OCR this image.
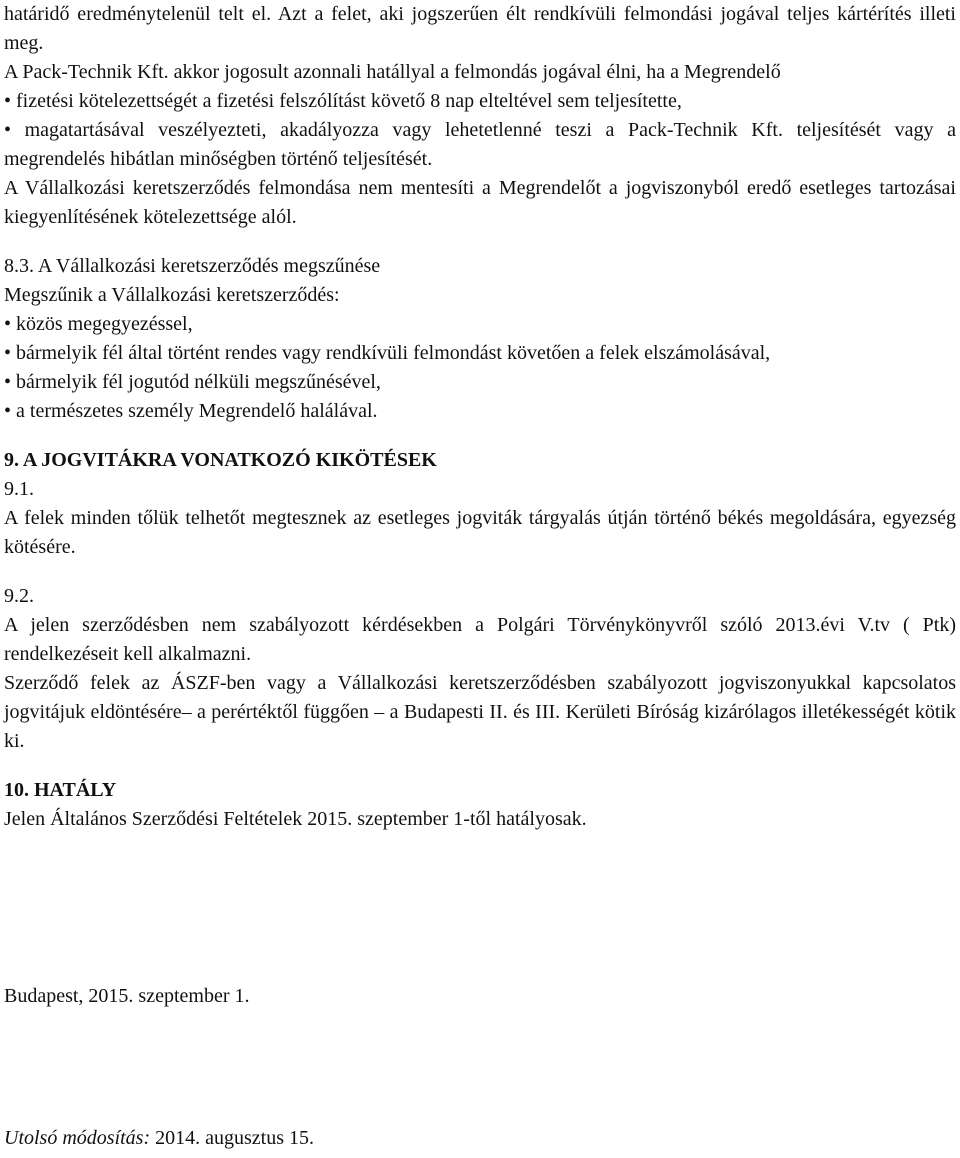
határidő eredménytelenül telt el. Azt a felet, aki jogszerűen élt rendkívüli felmondási jogával teljes kártérítés illeti meg.

A Pack-Technik Kft. akkor jogosult azonnali hatállyal a felmondás jogával élni, ha a Megrendelő

• fizetési kötelezettségét a fizetési felszólítást követő 8 nap elteltével sem teljesítette,

• magatartásával veszélyezteti, akadályozza vagy lehetetlenné teszi a Pack-Technik Kft. teljesítését vagy a megrendelés hibátlan minőségben történő teljesítését.

A Vállalkozási keretszerződés felmondása nem mentesíti a Megrendelőt a jogviszonyból eredő esetleges tartozásai kiegyenlítésének kötelezettsége alól.

8.3. A Vállalkozási keretszerződés megszűnése

Megszűnik a Vállalkozási keretszerződés:

• közös megegyezéssel,

• bármelyik fél által történt rendes vagy rendkívüli felmondást követően a felek elszámolásával,

• bármelyik fél jogutód nélküli megszűnésével,

• a természetes személy Megrendelő halálával.

9. A JOGVITÁKRA VONATKOZÓ KIKÖTÉSEK

9.1.

A felek minden tőlük telhetőt megtesznek az esetleges jogviták tárgyalás útján történő békés megoldására, egyezség kötésére.

9.2.

A jelen szerződésben nem szabályozott kérdésekben a Polgári Törvénykönyvről szóló 2013.évi V.tv ( Ptk) rendelkezéseit kell alkalmazni.

Szerződő felek az ÁSZF-ben vagy a Vállalkozási keretszerződésben szabályozott jogviszonyukkal kapcsolatos jogvitájuk eldöntésére– a perértéktől függően – a Budapesti II. és III. Kerületi Bíróság kizárólagos illetékességét kötik ki.

10. HATÁLY

Jelen Általános Szerződési Feltételek 2015. szeptember 1-től hatályosak.

Budapest, 2015. szeptember 1.

Utolsó módosítás: 2014. augusztus 15.
